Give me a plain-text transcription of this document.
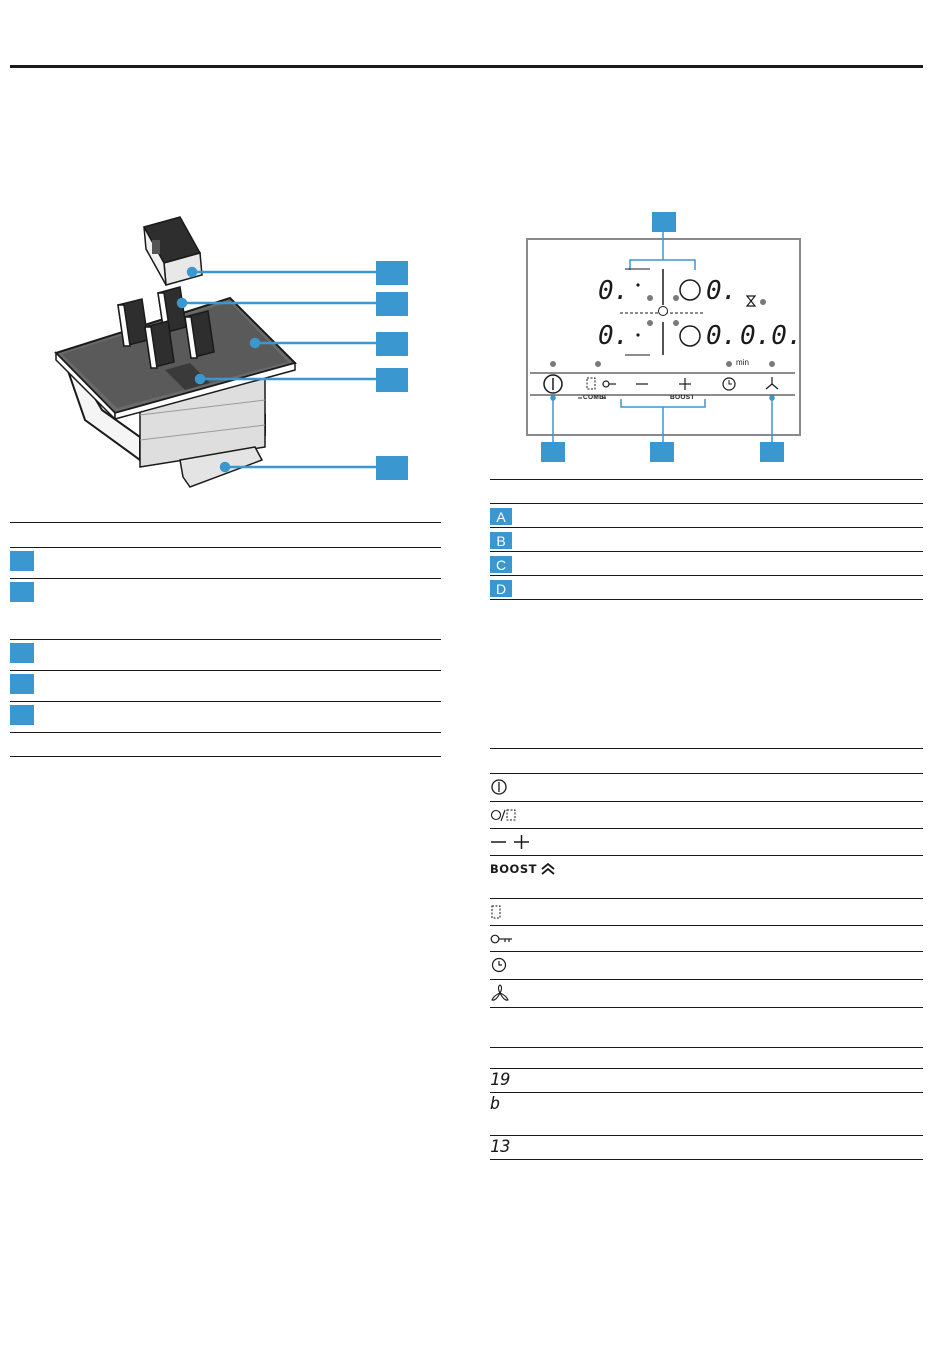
0.	0.
0.	0. 0.0.
min
COMBI	BOOST

A	
B	
C	
D	

BOOST	

19	
b	
13	
